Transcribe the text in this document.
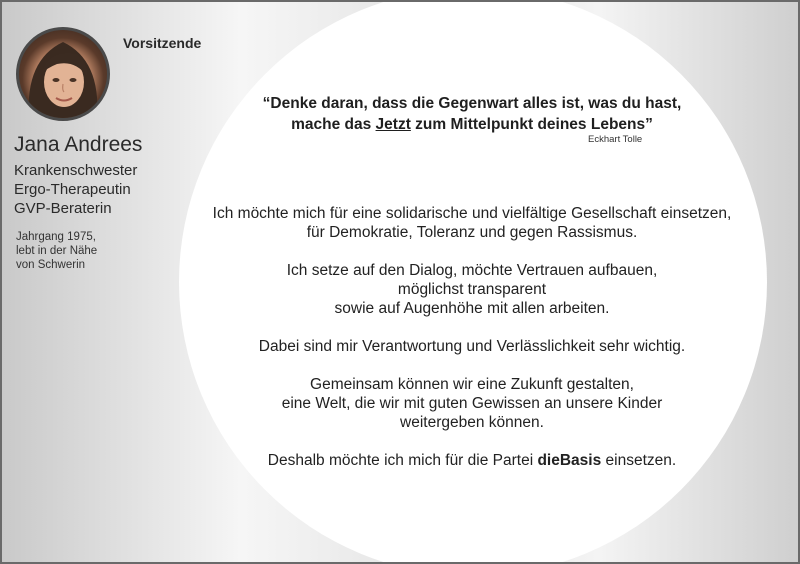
Vorsitzende
Jana Andrees
Krankenschwester
Ergo-Therapeutin
GVP-Beraterin
Jahrgang 1975,
lebt in der Nähe
von Schwerin
“Denke daran, dass die Gegenwart alles ist, was du hast,
mache das Jetzt zum Mittelpunkt deines Lebens”
Eckhart Tolle

Ich möchte mich für eine solidarische und vielfältige Gesellschaft einsetzen,
für Demokratie, Toleranz und gegen Rassismus.

Ich setze auf den Dialog, möchte Vertrauen aufbauen,
möglichst transparent
sowie auf Augenhöhe mit allen arbeiten.

Dabei sind mir Verantwortung und Verlässlichkeit sehr wichtig.

Gemeinsam können wir eine Zukunft gestalten,
eine Welt, die wir mit guten Gewissen an unsere Kinder
weitergeben können.

Deshalb möchte ich mich für die Partei dieBasis einsetzen.
